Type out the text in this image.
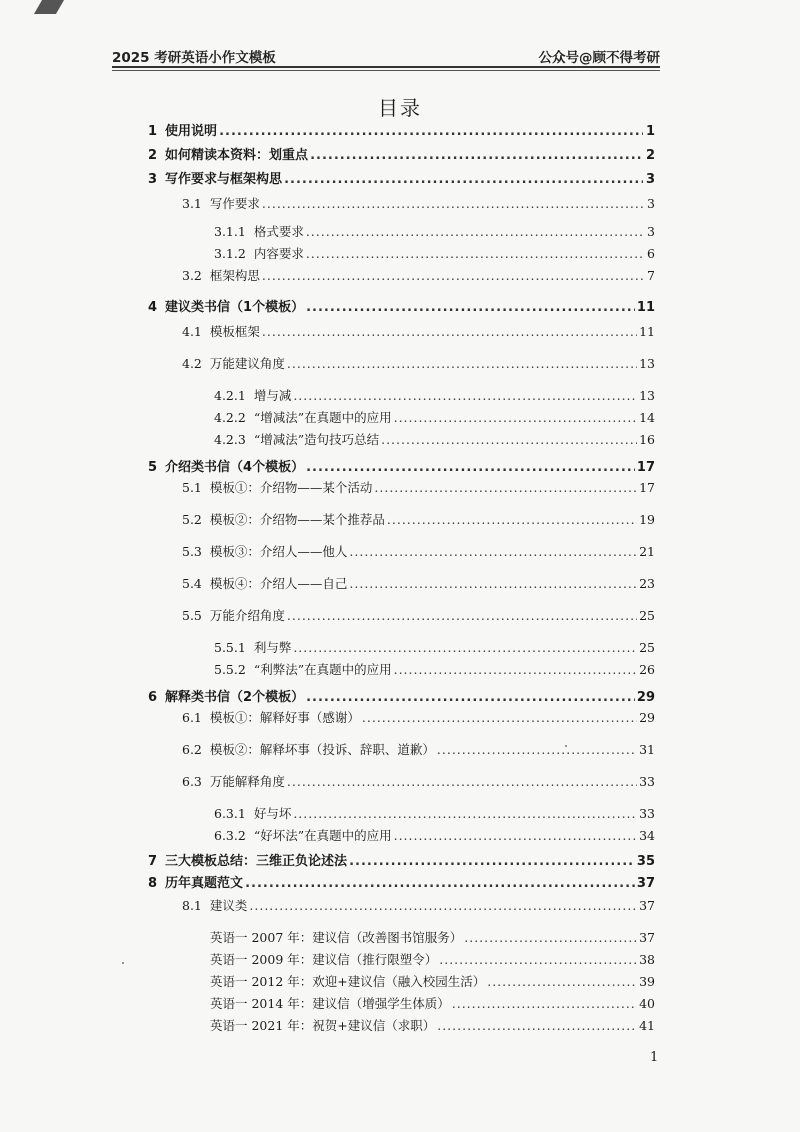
2025 考研英语小作文模板	公众号@顾不得考研
目录
1 使用说明 .....	1
2 如何精读本资料：划重点 .....	2
3 写作要求与框架构思 .....	3
3.1 写作要求 .....	3
3.1.1 格式要求 .....	3
3.1.2 内容要求 .....	6
3.2 框架构思 .....	7
4 建议类书信（1个模板） .....	11
4.1 模板框架 .....	11
4.2 万能建议角度 .....	13
4.2.1 增与减 .....	13
4.2.2 “增减法”在真题中的应用 .....	14
4.2.3 “增减法”造句技巧总结 .....	16
5 介绍类书信（4个模板） .....	17
5.1 模板①：介绍物——某个活动 .....	17
5.2 模板②：介绍物——某个推荐品 .....	19
5.3 模板③：介绍人——他人 .....	21
5.4 模板④：介绍人——自己 .....	23
5.5 万能介绍角度 .....	25
5.5.1 利与弊 .....	25
5.5.2 “利弊法”在真题中的应用 .....	26
6 解释类书信（2个模板） .....	29
6.1 模板①：解释好事（感谢） .....	29
6.2 模板②：解释坏事（投诉、辞职、道歉） .....	31
6.3 万能解释角度 .....	33
6.3.1 好与坏 .....	33
6.3.2 “好坏法”在真题中的应用 .....	34
7 三大模板总结：三维正负论述法 .....	35
8 历年真题范文 .....	37
8.1 建议类 .....	37
英语一 2007 年：建议信（改善图书馆服务） .....	37
英语一 2009 年：建议信（推行限塑令） .....	38
英语一 2012 年：欢迎+建议信（融入校园生活） .....	39
英语一 2014 年：建议信（增强学生体质） .....	40
英语一 2021 年：祝贺+建议信（求职） .....	41
1
